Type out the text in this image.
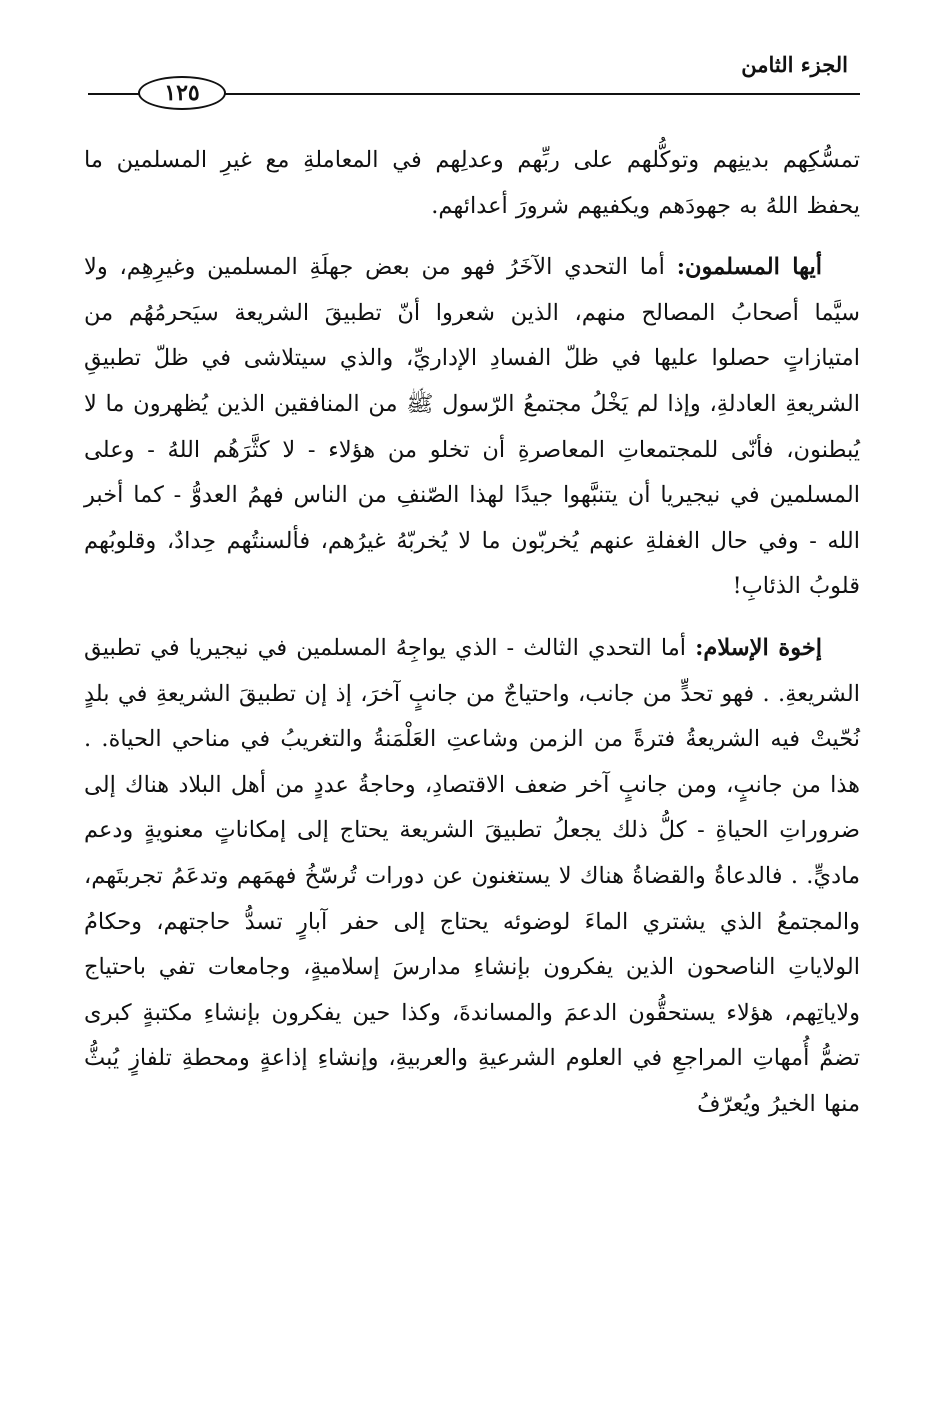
الجزء الثامن
١٢٥

تمسُّكِهم بدينِهم وتوكُّلهم على ربِّهم وعدلِهم في المعاملةِ مع غيرِ المسلمين ما يحفظ اللهُ به جهودَهم ويكفيهم شرورَ أعدائهم.

أيها المسلمون: أما التحدي الآخَرُ فهو من بعض جهلَةِ المسلمين وغيرِهِم، ولا سيَّما أصحابُ المصالح منهم، الذين شعروا أنّ تطبيقَ الشريعة سيَحرمُهُم من امتيازاتٍ حصلوا عليها في ظلّ الفسادِ الإداريِّ، والذي سيتلاشى في ظلّ تطبيقِ الشريعةِ العادلةِ، وإذا لم يَخْلُ مجتمعُ الرّسول ﷺ من المنافقين الذين يُظهرون ما لا يُبطنون، فأنّى للمجتمعاتِ المعاصرةِ أن تخلو من هؤلاء - لا كثَّرَهُم اللهُ - وعلى المسلمين في نيجيريا أن يتنبَّهوا جيدًا لهذا الصّنفِ من الناس فهمُ العدوُّ - كما أخبر الله - وفي حال الغفلةِ عنهم يُخربّون ما لا يُخربّهُ غيرُهم، فألسنتُهم حِدادٌ، وقلوبُهم قلوبُ الذئابِ!

إخوة الإسلام: أما التحدي الثالث - الذي يواجِهُ المسلمين في نيجيريا في تطبيق الشريعةِ. . فهو تحدٍّ من جانب، واحتياجٌ من جانبٍ آخرَ، إذ إن تطبيقَ الشريعةِ في بلدٍ نُحّيتْ فيه الشريعةُ فترةً من الزمن وشاعتِ العَلْمَنةُ والتغريبُ في مناحي الحياة. . هذا من جانبٍ، ومن جانبٍ آخر ضعف الاقتصادِ، وحاجةُ عددٍ من أهل البلاد هناك إلى ضروراتِ الحياةِ - كلُّ ذلك يجعلُ تطبيقَ الشريعة يحتاج إلى إمكاناتٍ معنويةٍ ودعم ماديٍّ. . فالدعاةُ والقضاةُ هناك لا يستغنون عن دورات تُرسّخُ فهمَهم وتدعَمُ تجربتَهم، والمجتمعُ الذي يشتري الماءَ لوضوئه يحتاج إلى حفر آبارٍ تسدُّ حاجتهم، وحكامُ الولاياتِ الناصحون الذين يفكرون بإنشاءِ مدارسَ إسلاميةٍ، وجامعات تفي باحتياج ولاياتِهم، هؤلاء يستحقُّون الدعمَ والمساندةَ، وكذا حين يفكرون بإنشاءِ مكتبةٍ كبرى تضمُّ أُمهاتِ المراجعِ في العلوم الشرعيةِ والعربيةِ، وإنشاءِ إذاعةٍ ومحطةِ تلفازٍ يُبثُّ منها الخيرُ ويُعرّفُ
